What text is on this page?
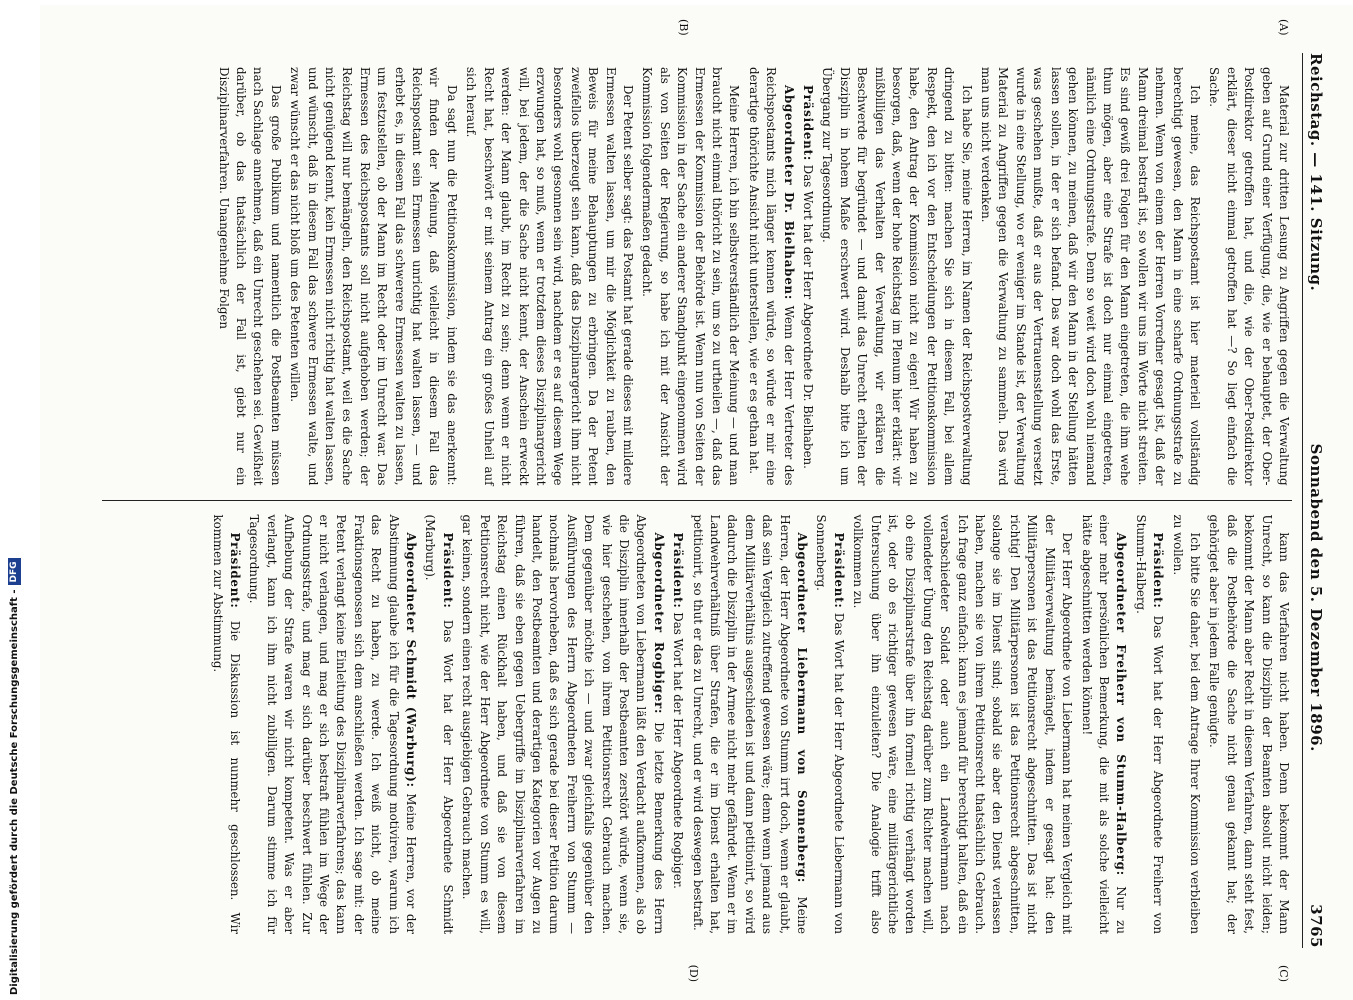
Digitalisierung gefördert durch die Deutsche Forschungsgemeinschaft -DFG
Reichstag. — 141. Sitzung.
Sonnabend den 5. Dezember 1896.
3765
(A)
(B)

Material zur dritten Lesung zu Angriffen gegen die Verwaltung geben auf Grund einer Verfügung, die, wie er behauptet, der Ober-Postdirektor getroffen hat, und die, wie der Ober-Postdirektor erklärt, dieser nicht einmal getroffen hat —? So liegt einfach die Sache.

Ich meine, das Reichspostamt ist hier materiell vollständig berechtigt gewesen, den Mann in eine scharfe Ordnungsstrafe zu nehmen. Wenn von einem der Herren Vorredner gesagt ist, daß der Mann dreimal bestraft ist, so wollen wir uns im Worte nicht streiten. Es sind gewiß drei Folgen für den Mann eingetreten, die ihm wehe thun mögen, aber eine Strafe ist doch nur einmal eingetreten, nämlich eine Ordnungsstrafe. Denn so weit wird doch wohl niemand gehen können, zu meinen, daß wir den Mann in der Stellung hätten lassen sollen, in der er sich befand. Das war doch wohl das Erste, was geschehen mußte, daß er aus der Vertrauensstellung versetzt wurde in eine Stellung, wo er weniger im Stande ist, der Verwaltung Material zu Angriffen gegen die Verwaltung zu sammeln. Das wird man uns nicht verdenken.

Ich habe Sie, meine Herren, im Namen der Reichspostverwaltung dringend zu bitten: machen Sie sich in diesem Fall, bei allem Respekt, den ich vor den Entscheidungen der Petitionskommission habe, den Antrag der Kommission nicht zu eigen! Wir haben zu besorgen, daß, wenn der hohe Reichstag im Plenum hier erklärt: wir mißbilligen das Verhalten der Verwaltung, wir erklären die Beschwerde für begründet — und damit das Unrecht erhalten der Disziplin in hohem Maße erschwert wird. Deshalb bitte ich um Übergang zur Tagesordnung.

Präsident: Das Wort hat der Herr Abgeordnete Dr. Bielhaben.

Abgeordneter Dr. Bielhaben: Wenn der Herr Vertreter des Reichspostamts mich länger kennen würde, so würde er mir eine derartige thörichte Ansicht nicht unterstellen, wie er es gethan hat.

Meine Herren, ich bin selbstverständlich der Meinung — und man braucht nicht einmal thöricht zu sein, um so zu urtheilen —, daß das Ermessen der Kommission der Behörde ist. Wenn nun von Seiten der Kommission in der Sache ein anderer Standpunkt eingenommen wird als von Seiten der Regierung, so habe ich mit der Ansicht der Kommission folgendermaßen gedacht.

Der Petent selber sagt: das Postamt hat gerade dieses mit mildere Ermessen walten lassen, um mir die Möglichkeit zu rauben, den Beweis für meine Behauptungen zu erbringen. Da der Petent zweifellos überzeugt sein kann, daß das Disziplinargericht ihm nicht besonders wohl gesonnen sein wird, nachdem er es auf diesem Wege erzwungen hat, so muß, wenn er trotzdem dieses Disziplinargericht will, bei jedem, der die Sache nicht kennt, der Anschein erweckt werden: der Mann glaubt, im Recht zu sein; denn wenn er nicht Recht hat, beschwört er mit seinem Antrag ein großes Unheil auf sich herauf.

Da sagt nun die Petitionskommission, indem sie das anerkennt: wir finden der Meinung, daß vielleicht in diesem Fall das Reichspostamt sein Ermessen unrichtig hat walten lassen, — und erhebt es, in diesem Fall das schwerere Ermessen walten zu lassen, um festzustellen, ob der Mann im Recht oder im Unrecht war. Das Ermessen des Reichspostamts soll nicht aufgehoben werden; der Reichstag will nur bemängeln, den Reichspostamt, weil es die Sache nicht genügend kennt, kein Ermessen nicht richtig hat walten lassen, und wünscht, daß in diesem Fall das schwere Ermessen walte, und zwar wünscht er das nicht bloß um des Petenten willen.

Das große Publikum und namentlich die Postbeamten müssen nach Sachlage annehmen, daß ein Unrecht geschehen sei. Gewißheit darüber, ob das thatsächlich der Fall ist, giebt nur ein Disziplinarverfahren. Unangenehme Folgen

(C)
(D)

kann das Verfahren nicht haben. Denn bekommt der Mann Unrecht, so kann die Disziplin der Beamten absolut nicht leiden; bekommt der Mann aber Recht in diesem Verfahren, dann steht fest, daß die Postbehörde die Sache nicht genau gekannt hat; der gehöriget aber in jedem Falle genügte.

Ich bitte Sie daher, bei dem Antrage Ihrer Kommission verbleiben zu wollen.

Präsident: Das Wort hat der Herr Abgeordnete Freiherr von Stumm-Halberg.

Abgeordneter Freiherr von Stumm-Halberg: Nur zu einer mehr persönlichen Bemerkung, die mit als solche vielleicht hätte abgeschnitten werden können!

Der Herr Abgeordnete von Liebermann hat meinen Vergleich mit der Militärverwaltung bemängelt, indem er gesagt hat: den Militärpersonen ist das Petitionsrecht abgeschnitten. Das ist nicht richtig! Den Militärpersonen ist das Petitionsrecht abgeschnitten, solange sie im Dienst sind; sobald sie aber den Dienst verlassen haben, machen sie von ihrem Petitionsrecht thatsächlich Gebrauch. Ich frage ganz einfach: kann es jemand für berechtigt halten, daß ein verabschiedeter Soldat oder auch ein Landwehrmann nach vollendeter Übung den Reichstag darüber zum Richter machen will, ob eine Disziplinarstrafe über ihn formell richtig verhängt worden ist, oder ob es richtiger gewesen wäre, eine militärgerichtliche Untersuchung über ihn einzuleiten? Die Analogie trifft also vollkommen zu.

Präsident: Das Wort hat der Herr Abgeordnete Liebermann von Sonnenberg.

Abgeordneter Liebermann von Sonnenberg: Meine Herren, der Herr Abgeordnete von Stumm irrt doch, wenn er glaubt, daß sein Vergleich zutreffend gewesen wäre; denn wenn jemand aus dem Militärverhältnis ausgeschieden ist und dann petitionirt, so wird dadurch die Disziplin in der Armee nicht mehr gefährdet. Wenn er im Landwehrverhältniß über Strafen, die er im Dienst erhalten hat, petitionirt, so thut er das zu Unrecht, und er wird deswegen bestraft.

Präsident: Das Wort hat der Herr Abgeordnete Rogbiger.

Abgeordneter Rogbiger: Die letzte Bemerkung des Herrn Abgeordneten von Liebermann läßt den Verdacht aufkommen, als ob die Disziplin innerhalb der Postbeamten zerstört würde, wenn sie, wie hier geschehen, von ihrem Petitionsrecht Gebrauch machen. Dem gegenüber möchte ich — und zwar gleichfalls gegenüber den Ausführungen des Herrn Abgeordneten Freiherrn von Stumm — nochmals hervorheben, daß es sich gerade bei dieser Petition darum handelt, den Postbeamten und derartigen Kategorien vor Augen zu führen, daß sie eben gegen Uebergriffe im Disziplinarverfahren im Reichstag einen Rückhalt haben, und daß sie von diesem Petitionsrecht nicht, wie der Herr Abgeordnete von Stumm es will, gar keinen, sondern einen recht ausgiebigen Gebrauch machen.

Präsident: Das Wort hat der Herr Abgeordnete Schmidt (Marburg).

Abgeordneter Schmidt (Warburg): Meine Herren, vor der Abstimmung glaube ich für die Tagesordnung motiviren, warum ich das Recht zu haben, zu werde. Ich weiß nicht, ob meine Fraktionsgenossen sich dem anschließen werden. Ich sage mit: der Petent verlangt keine Einleitung des Disziplinarverfahrens; das kann er nicht verlangen, und mag er sich bestraft fühlen im Wege der Ordnungsstrafe, und mag er sich darüber beschwert fühlen. Zur Aufhebung der Strafe waren wir nicht kompetent. Was er aber verlangt, kann ich ihm nicht zubilligen. Darum stimme ich für Tagesordnung.

Präsident: Die Diskussion ist nunmehr geschlossen. Wir kommen zur Abstimmung.
